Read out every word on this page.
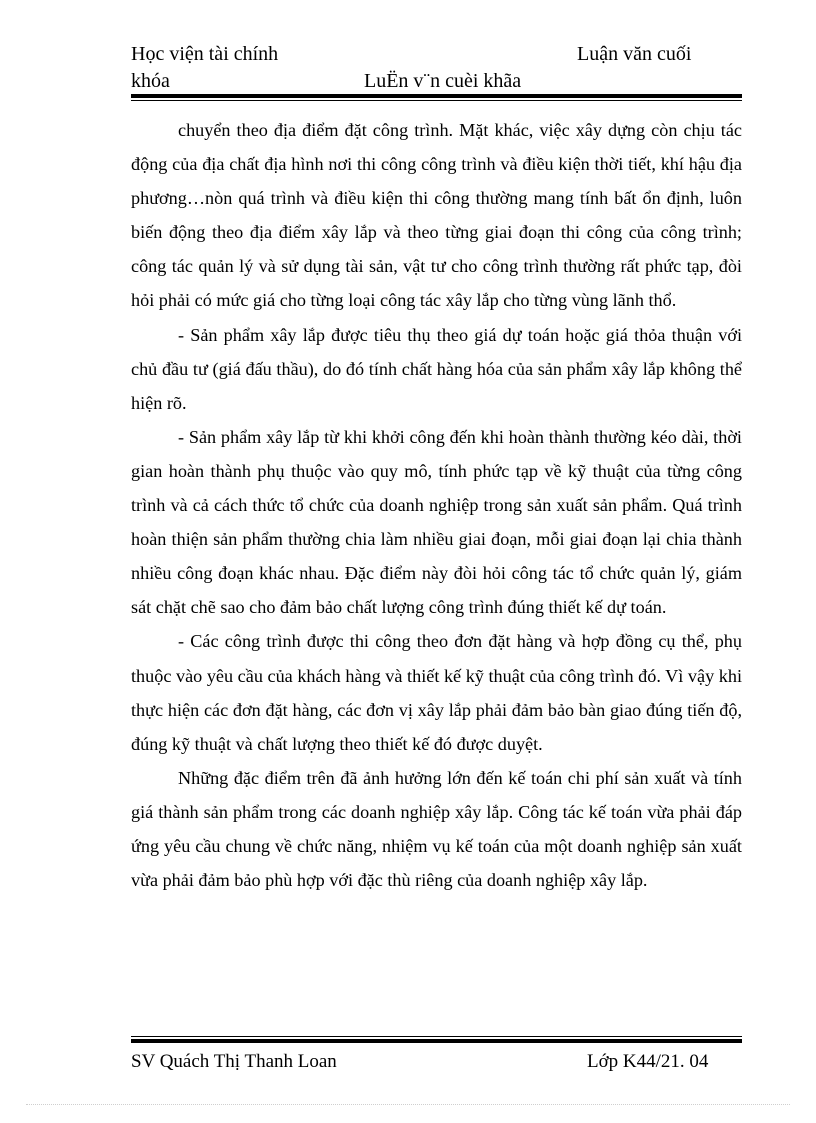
Học viện tài chính	Luận văn cuối
khóa	LuËn v¨n cuèi khãa

chuyển theo địa điểm đặt công trình. Mặt khác, việc xây dựng còn chịu tác động của địa chất địa hình nơi thi công công trình và điều kiện thời tiết, khí hậu địa phương…nòn quá trình và điều kiện thi công thường mang tính bất ổn định, luôn biến động theo địa điểm xây lắp và theo từng giai đoạn thi công của công trình; công tác quản lý và sử dụng tài sản, vật tư cho công trình thường rất phức tạp, đòi hỏi phải có mức giá cho từng loại công tác xây lắp cho từng vùng lãnh thổ.

- Sản phẩm xây lắp được tiêu thụ theo giá dự toán hoặc giá thỏa thuận với chủ đầu tư (giá đấu thầu), do đó tính chất hàng hóa của sản phẩm xây lắp không thể hiện rõ.

- Sản phẩm xây lắp từ khi khởi công đến khi hoàn thành thường kéo dài, thời gian hoàn thành phụ thuộc vào quy mô, tính phức tạp về kỹ thuật của từng công trình và cả cách thức tổ chức của doanh nghiệp trong sản xuất sản phẩm. Quá trình hoàn thiện sản phẩm thường chia làm nhiều giai đoạn, mỗi giai đoạn lại chia thành nhiều công đoạn khác nhau. Đặc điểm này đòi hỏi công tác tổ chức quản lý, giám sát chặt chẽ sao cho đảm bảo chất lượng công trình đúng thiết kế dự toán.

- Các công trình được thi công theo đơn đặt hàng và hợp đồng cụ thể, phụ thuộc vào yêu cầu của khách hàng và thiết kế kỹ thuật của công trình đó. Vì vậy khi thực hiện các đơn đặt hàng, các đơn vị xây lắp phải đảm bảo bàn giao đúng tiến độ, đúng kỹ thuật và chất lượng theo thiết kế đó được duyệt.

Những đặc điểm trên đã ảnh hưởng lớn đến kế toán chi phí sản xuất và tính giá thành sản phẩm trong các doanh nghiệp xây lắp. Công tác kế toán vừa phải đáp ứng yêu cầu chung về chức năng, nhiệm vụ kế toán của một doanh nghiệp sản xuất vừa phải đảm bảo phù hợp với đặc thù riêng của doanh nghiệp xây lắp.

SV Quách Thị Thanh Loan	Lớp K44/21. 04
